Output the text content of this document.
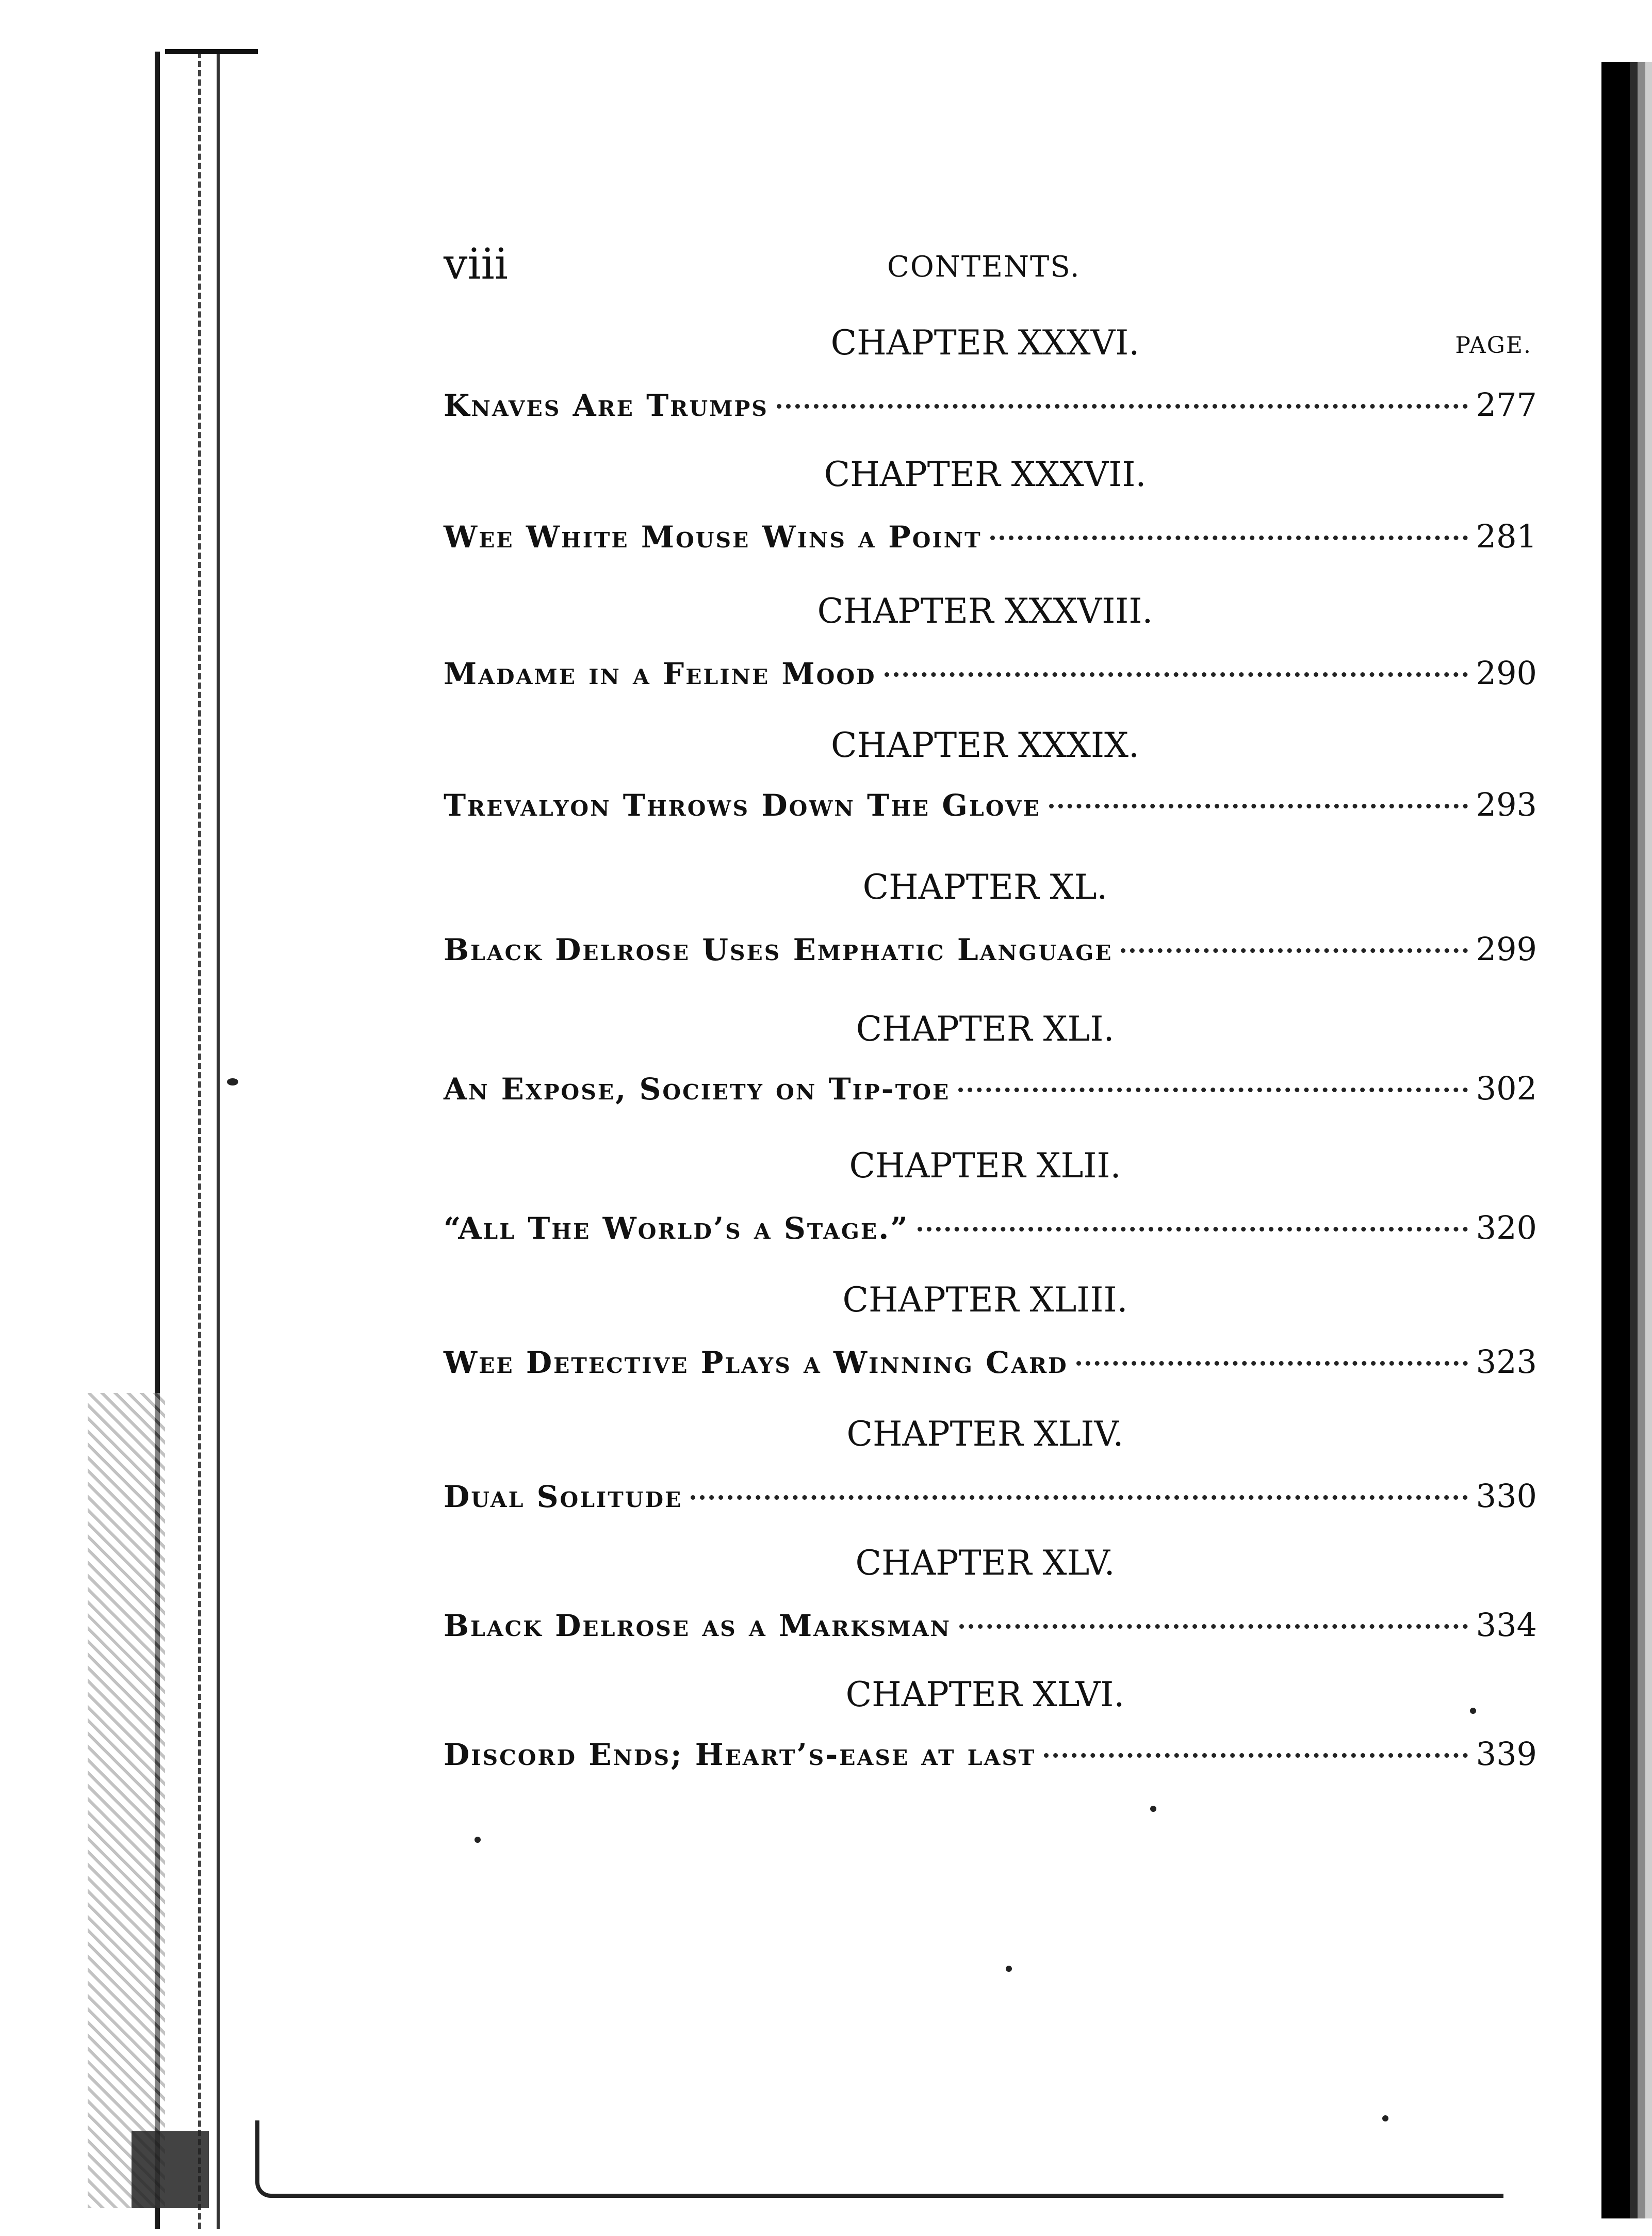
viii	CONTENTS.
PAGE.
CHAPTER XXXVI.
Knaves Are Trumps	277
CHAPTER XXXVII.
Wee White Mouse Wins a Point	281
CHAPTER XXXVIII.
Madame in a Feline Mood	290
CHAPTER XXXIX.
Trevalyon Throws Down The Glove	293
CHAPTER XL.
Black Delrose Uses Emphatic Language	299
CHAPTER XLI.
An Expose, Society on Tip-toe	302
CHAPTER XLII.
“All The World’s a Stage.”	320
CHAPTER XLIII.
Wee Detective Plays a Winning Card	323
CHAPTER XLIV.
Dual Solitude	330
CHAPTER XLV.
Black Delrose as a Marksman	334
CHAPTER XLVI.
Discord Ends; Heart’s-ease at last	339
